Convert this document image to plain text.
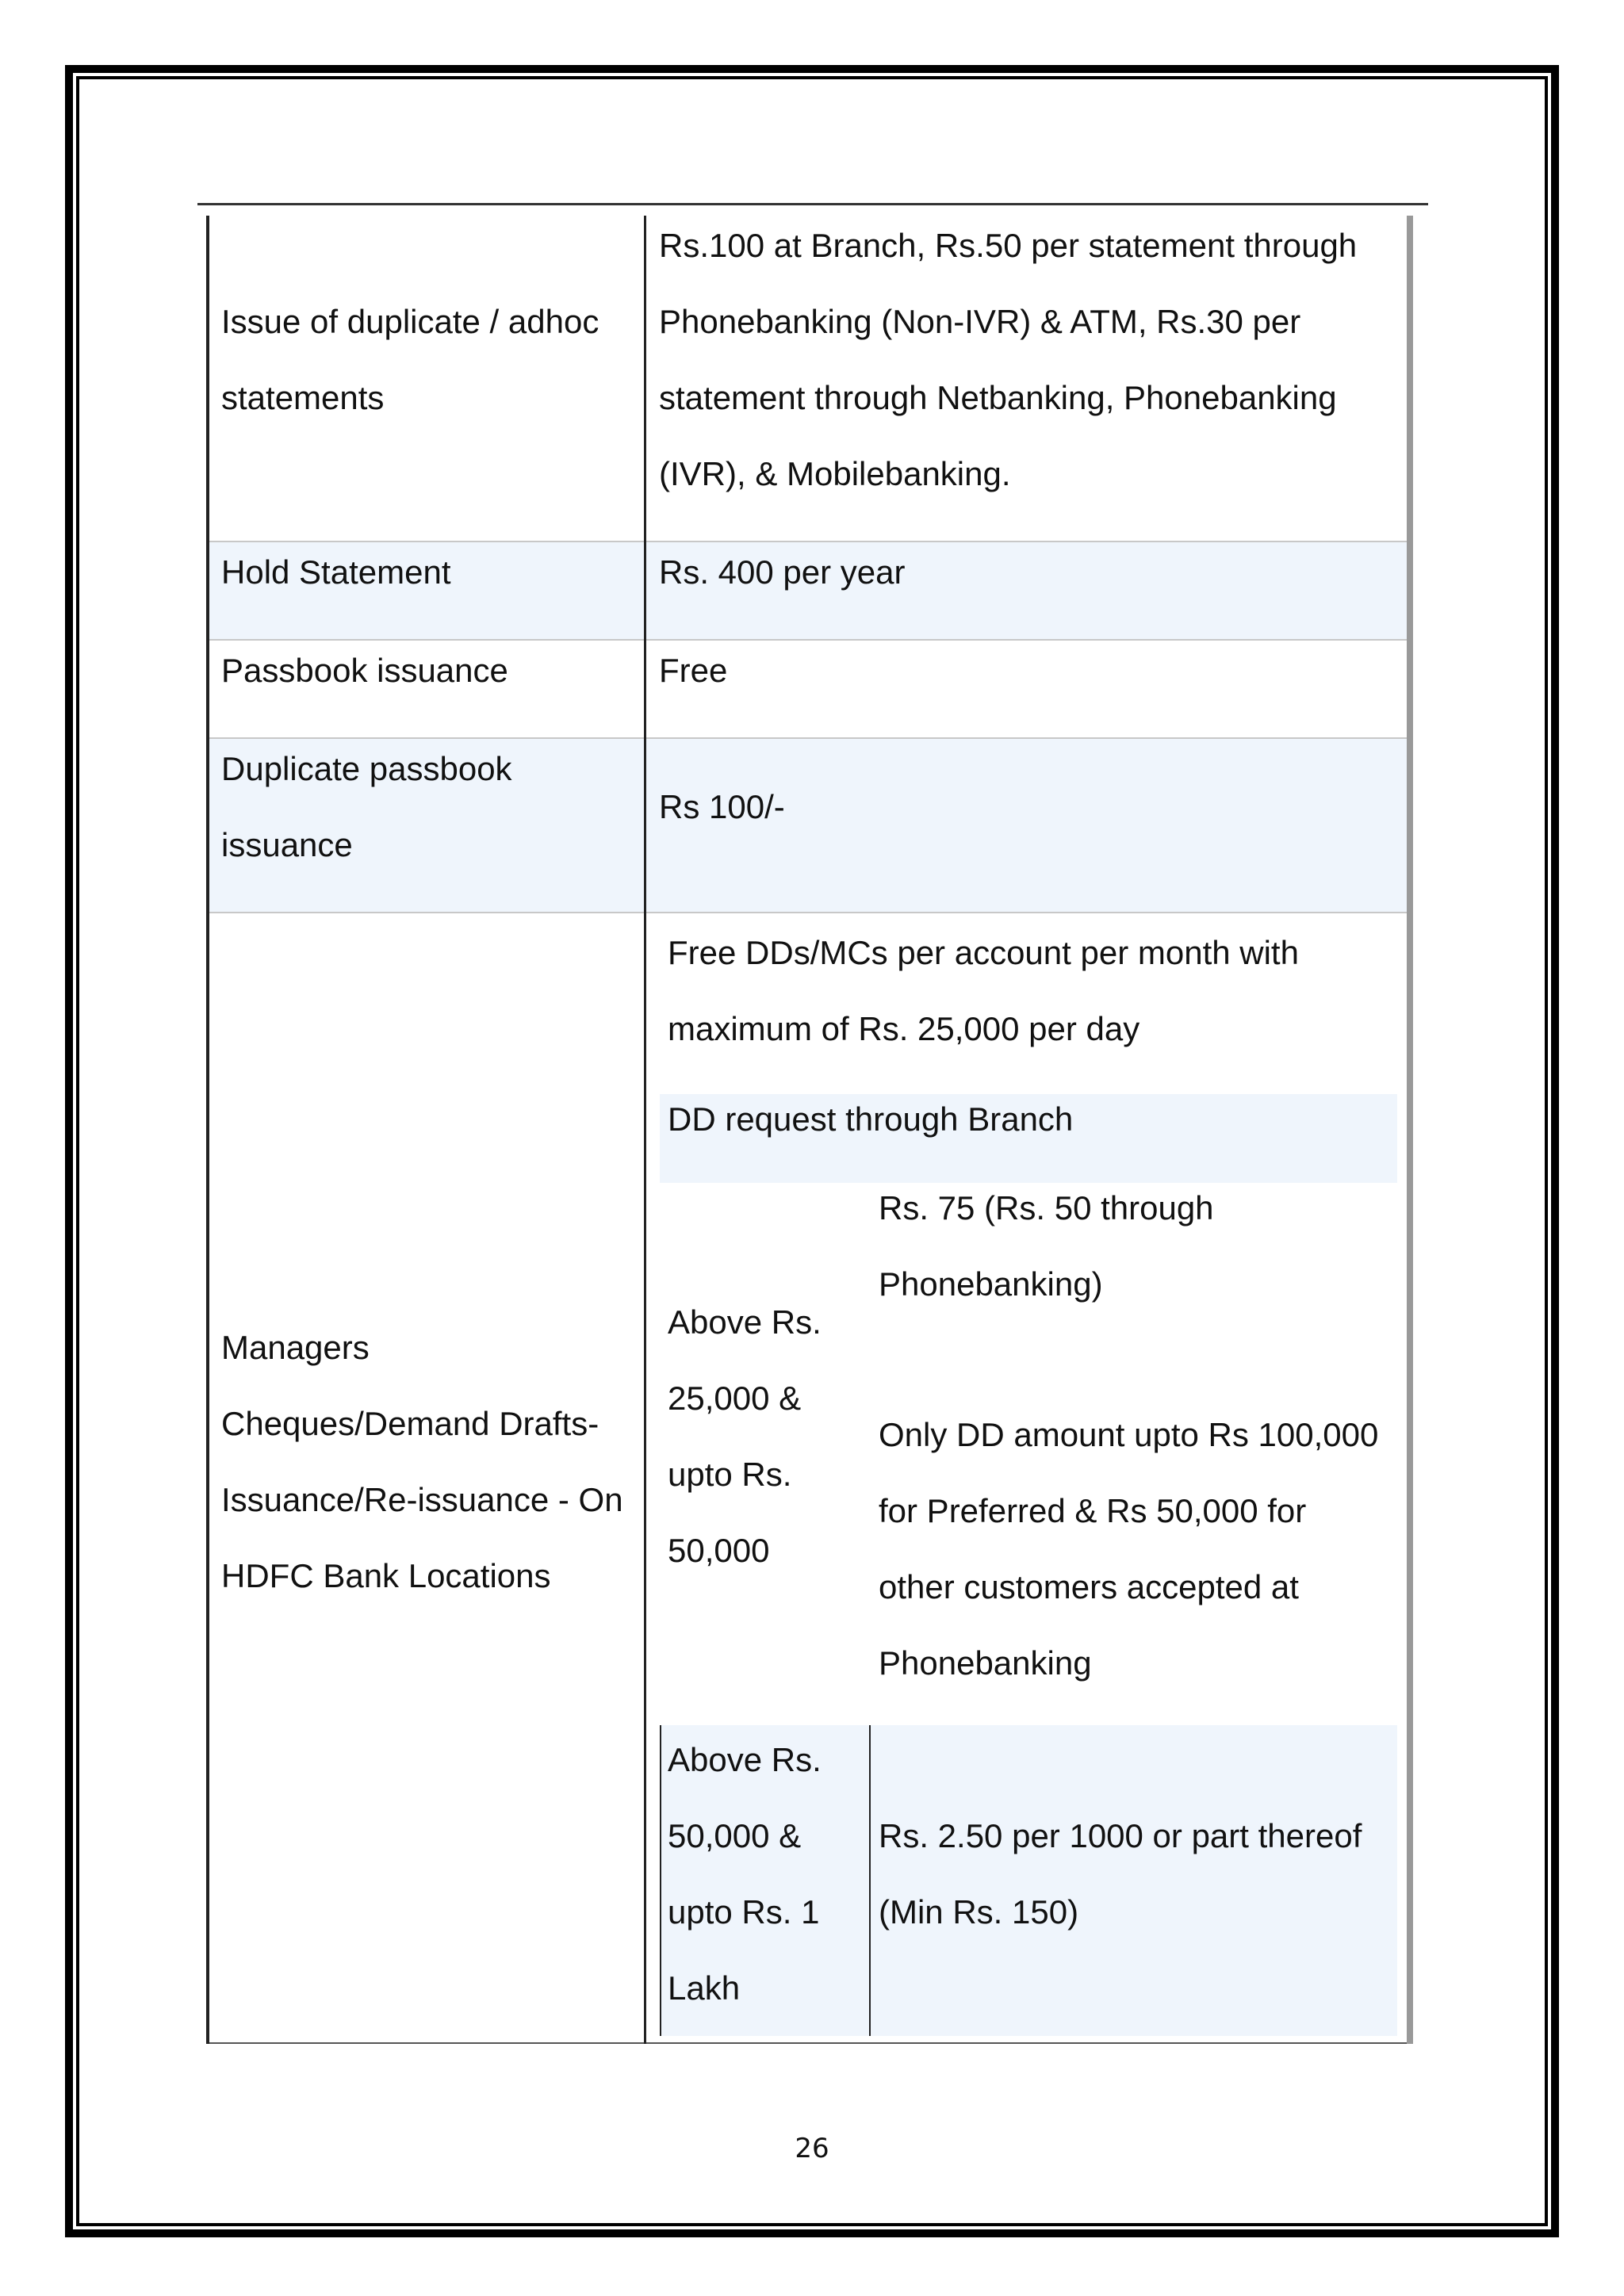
Issue of duplicate / adhoc
statements
Rs.100 at Branch, Rs.50 per statement through
Phonebanking (Non-IVR) & ATM, Rs.30 per
statement through Netbanking, Phonebanking
(IVR), & Mobilebanking.
Hold Statement	Rs. 400 per year
Passbook issuance	Free
Duplicate passbook
issuance
Rs 100/-
Managers
Cheques/Demand Drafts-
Issuance/Re-issuance - On
HDFC Bank Locations
Free DDs/MCs per account per month with
maximum of Rs. 25,000 per day
DD request through Branch
Above Rs.
25,000 &
upto Rs.
50,000
Rs. 75 (Rs. 50 through
Phonebanking)
Only DD amount upto Rs 100,000
for Preferred & Rs 50,000 for
other customers accepted at
Phonebanking
Above Rs.
50,000 &
upto Rs. 1
Lakh
Rs. 2.50 per 1000 or part thereof
(Min Rs. 150)
26
